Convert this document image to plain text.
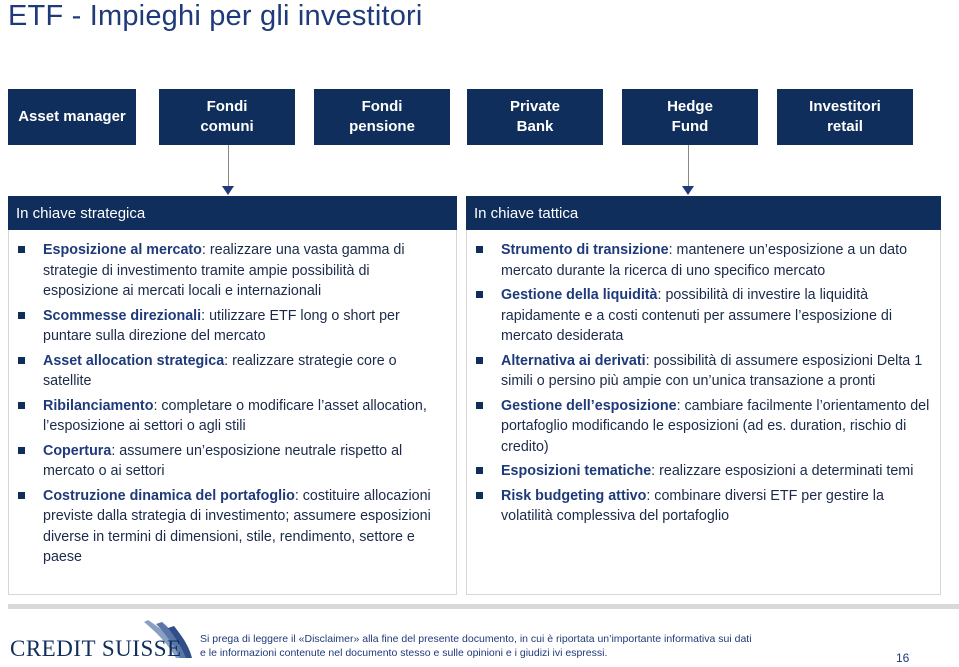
ETF - Impieghi per gli investitori
Asset manager
Fondi
comuni
Fondi
pensione
Private
Bank
Hedge
Fund
Investitori
retail
In chiave strategica
Esposizione al mercato: realizzare una vasta gamma di strategie di investimento tramite ampie possibilità di esposizione ai mercati locali e internazionali
Scommesse direzionali: utilizzare ETF long o short per puntare sulla direzione del mercato
Asset allocation strategica: realizzare strategie core o satellite
Ribilanciamento: completare o modificare l’asset allocation, l’esposizione ai settori o agli stili
Copertura: assumere un’esposizione neutrale rispetto al mercato o ai settori
Costruzione dinamica del portafoglio: costituire allocazioni previste dalla strategia di investimento; assumere esposizioni diverse in termini di dimensioni, stile, rendimento, settore e paese
In chiave tattica
Strumento di transizione: mantenere un’esposizione a un dato mercato durante la ricerca di uno specifico mercato
Gestione della liquidità: possibilità di investire la liquidità rapidamente e a costi contenuti per assumere l’esposizione di mercato desiderata
Alternativa ai derivati: possibilità di assumere esposizioni Delta 1 simili o persino più ampie con un’unica transazione a pronti
Gestione dell’esposizione: cambiare facilmente l’orientamento del portafoglio modificando le esposizioni (ad es. duration, rischio di credito)
Esposizioni tematiche: realizzare esposizioni a determinati temi
Risk budgeting attivo: combinare diversi ETF per gestire la volatilità complessiva del portafoglio
CREDIT SUISSE Si prega di leggere il «Disclaimer» alla fine del presente documento, in cui è riportata un’importante informativa sui dati e le informazioni contenute nel documento stesso e sulle opinioni e i giudizi ivi espressi.	16
